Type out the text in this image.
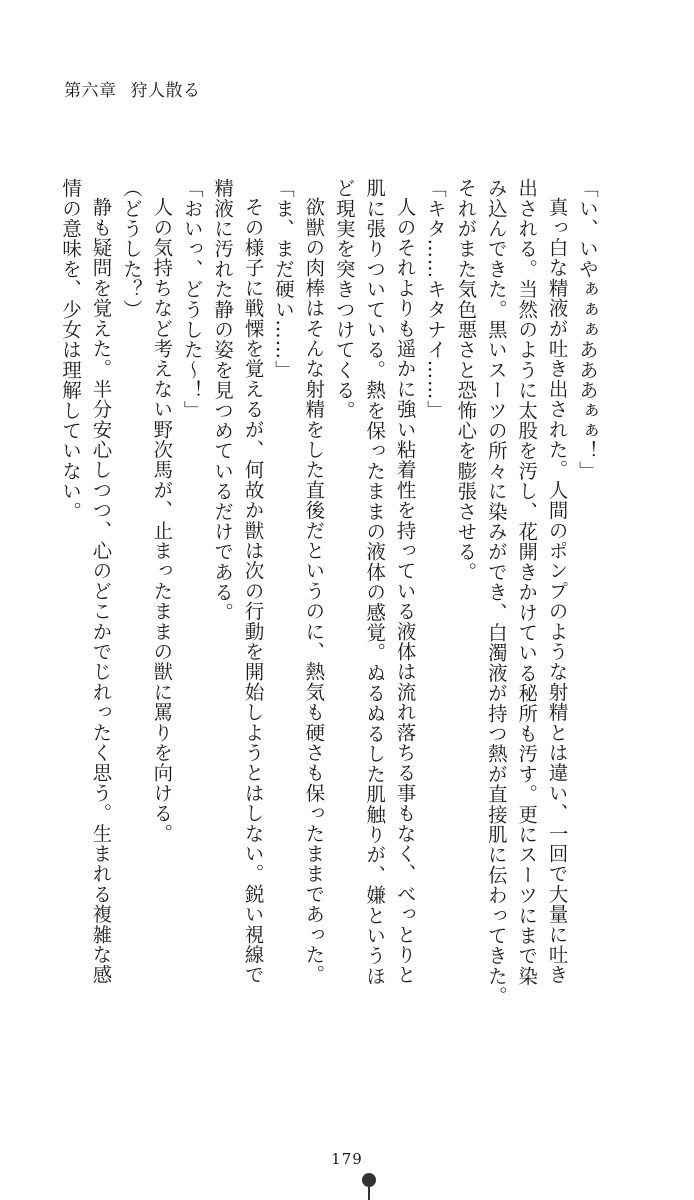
第六章 狩人散る

「い、いやぁぁぁあああぁぁ！」

真っ白な精液が吐き出された。人間のポンプのような射精とは違い、一回で大量に吐き

出される。当然のように太股を汚し、花開きかけている秘所も汚す。更にスーツにまで染

み込んできた。黒いスーツの所々に染みができ、白濁液が持つ熱が直接肌に伝わってきた。

それがまた気色悪さと恐怖心を膨張させる。

「キタ……キタナイ……」

人のそれよりも遥かに強い粘着性を持っている液体は流れ落ちる事もなく、べっとりと

肌に張りついている。熱を保ったままの液体の感覚。ぬるぬるした肌触りが、嫌というほ

ど現実を突きつけてくる。

欲獣の肉棒はそんな射精をした直後だというのに、熱気も硬さも保ったままであった。

「ま、まだ硬い……」

その様子に戦慄を覚えるが、何故か獣は次の行動を開始しようとはしない。鋭い視線で

精液に汚れた静の姿を見つめているだけである。

「おいっ、どうした～！」

人の気持ちなど考えない野次馬が、止まったままの獣に罵りを向ける。

（どうした？）

静も疑問を覚えた。半分安心しつつ、心のどこかでじれったく思う。生まれる複雑な感

情の意味を、少女は理解していない。

179
